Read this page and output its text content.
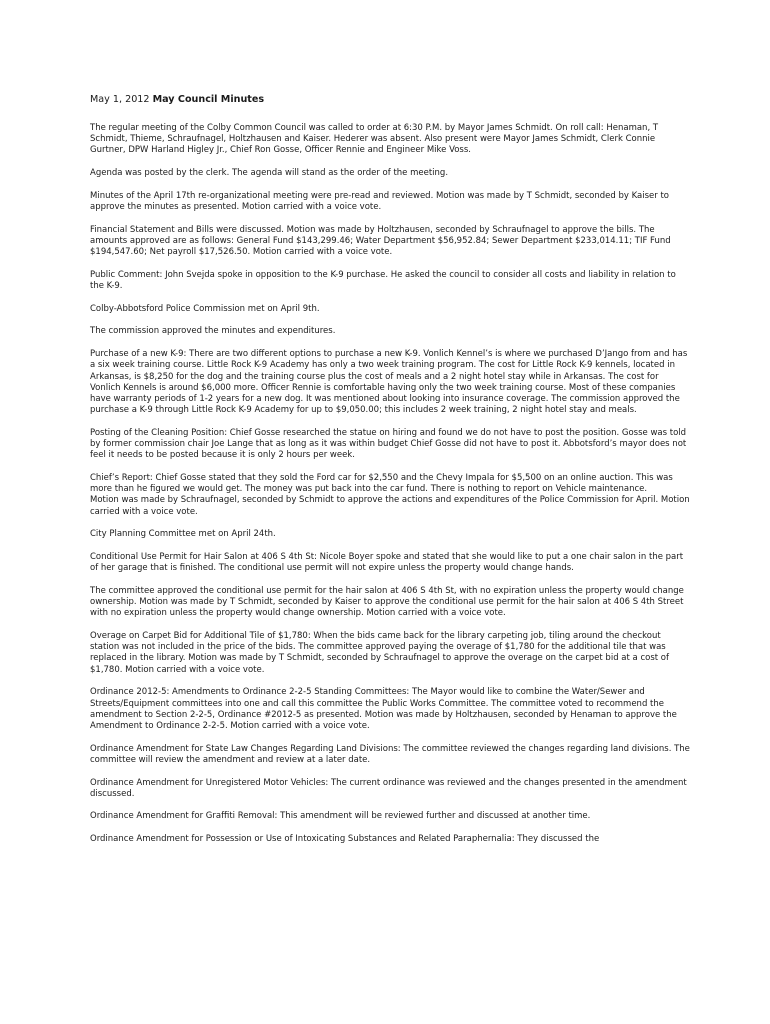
May 1, 2012 May Council Minutes

The regular meeting of the Colby Common Council was called to order at 6:30 P.M. by Mayor James Schmidt. On roll call: Henaman, T Schmidt, Thieme, Schraufnagel, Holtzhausen and Kaiser. Hederer was absent. Also present were Mayor James Schmidt, Clerk Connie Gurtner, DPW Harland Higley Jr., Chief Ron Gosse, Officer Rennie and Engineer Mike Voss.

Agenda was posted by the clerk. The agenda will stand as the order of the meeting.

Minutes of the April 17th re-organizational meeting were pre-read and reviewed. Motion was made by T Schmidt, seconded by Kaiser to approve the minutes as presented. Motion carried with a voice vote.

Financial Statement and Bills were discussed. Motion was made by Holtzhausen, seconded by Schraufnagel to approve the bills. The amounts approved are as follows: General Fund $143,299.46; Water Department $56,952.84; Sewer Department $233,014.11; TIF Fund $194,547.60; Net payroll $17,526.50. Motion carried with a voice vote.

Public Comment: John Svejda spoke in opposition to the K-9 purchase. He asked the council to consider all costs and liability in relation to the K-9.

Colby-Abbotsford Police Commission met on April 9th.

The commission approved the minutes and expenditures.

Purchase of a new K-9: There are two different options to purchase a new K-9. Vonlich Kennel’s is where we purchased D’Jango from and has a six week training course. Little Rock K-9 Academy has only a two week training program. The cost for Little Rock K-9 kennels, located in Arkansas, is $8,250 for the dog and the training course plus the cost of meals and a 2 night hotel stay while in Arkansas. The cost for Vonlich Kennels is around $6,000 more. Officer Rennie is comfortable having only the two week training course. Most of these companies have warranty periods of 1-2 years for a new dog. It was mentioned about looking into insurance coverage. The commission approved the purchase a K-9 through Little Rock K-9 Academy for up to $9,050.00; this includes 2 week training, 2 night hotel stay and meals.

Posting of the Cleaning Position: Chief Gosse researched the statue on hiring and found we do not have to post the position. Gosse was told by former commission chair Joe Lange that as long as it was within budget Chief Gosse did not have to post it. Abbotsford’s mayor does not feel it needs to be posted because it is only 2 hours per week.

Chief’s Report: Chief Gosse stated that they sold the Ford car for $2,550 and the Chevy Impala for $5,500 on an online auction. This was more than he figured we would get. The money was put back into the car fund. There is nothing to report on Vehicle maintenance.

Motion was made by Schraufnagel, seconded by Schmidt to approve the actions and expenditures of the Police Commission for April. Motion carried with a voice vote.

City Planning Committee met on April 24th.

Conditional Use Permit for Hair Salon at 406 S 4th St: Nicole Boyer spoke and stated that she would like to put a one chair salon in the part of her garage that is finished. The conditional use permit will not expire unless the property would change hands.

The committee approved the conditional use permit for the hair salon at 406 S 4th St, with no expiration unless the property would change ownership. Motion was made by T Schmidt, seconded by Kaiser to approve the conditional use permit for the hair salon at 406 S 4th Street with no expiration unless the property would change ownership. Motion carried with a voice vote.

Overage on Carpet Bid for Additional Tile of $1,780: When the bids came back for the library carpeting job, tiling around the checkout station was not included in the price of the bids. The committee approved paying the overage of $1,780 for the additional tile that was replaced in the library. Motion was made by T Schmidt, seconded by Schraufnagel to approve the overage on the carpet bid at a cost of $1,780. Motion carried with a voice vote.

Ordinance 2012-5: Amendments to Ordinance 2-2-5 Standing Committees: The Mayor would like to combine the Water/Sewer and Streets/Equipment committees into one and call this committee the Public Works Committee. The committee voted to recommend the amendment to Section 2-2-5, Ordinance #2012-5 as presented. Motion was made by Holtzhausen, seconded by Henaman to approve the Amendment to Ordinance 2-2-5. Motion carried with a voice vote.

Ordinance Amendment for State Law Changes Regarding Land Divisions: The committee reviewed the changes regarding land divisions. The committee will review the amendment and review at a later date.

Ordinance Amendment for Unregistered Motor Vehicles: The current ordinance was reviewed and the changes presented in the amendment discussed.

Ordinance Amendment for Graffiti Removal: This amendment will be reviewed further and discussed at another time.

Ordinance Amendment for Possession or Use of Intoxicating Substances and Related Paraphernalia: They discussed the
